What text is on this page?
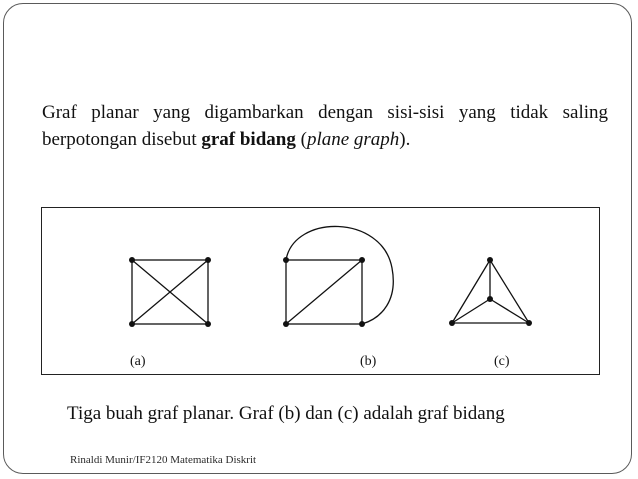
Graf planar yang digambarkan dengan sisi-sisi yang tidak saling berpotongan disebut graf bidang (plane graph).

(a)	(b)	(c)

Tiga buah graf planar. Graf (b) dan (c) adalah graf bidang

Rinaldi Munir/IF2120 Matematika Diskrit
